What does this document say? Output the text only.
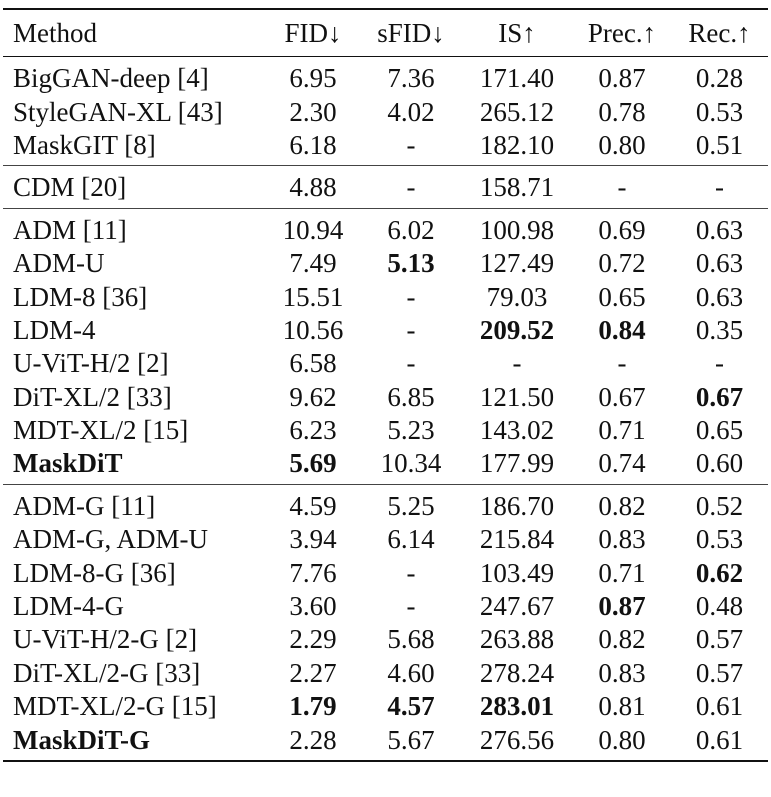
Method	FID↓	sFID↓	IS↑	Prec.↑	Rec.↑
BigGAN-deep [4]	6.95	7.36	171.40	0.87	0.28
StyleGAN-XL [43]	2.30	4.02	265.12	0.78	0.53
MaskGIT [8]	6.18	-	182.10	0.80	0.51
CDM [20]	4.88	-	158.71	-	-
ADM [11]	10.94	6.02	100.98	0.69	0.63
ADM-U	7.49	5.13	127.49	0.72	0.63
LDM-8 [36]	15.51	-	79.03	0.65	0.63
LDM-4	10.56	-	209.52	0.84	0.35
U-ViT-H/2 [2]	6.58	-	-	-	-
DiT-XL/2 [33]	9.62	6.85	121.50	0.67	0.67
MDT-XL/2 [15]	6.23	5.23	143.02	0.71	0.65
MaskDiT	5.69	10.34	177.99	0.74	0.60
ADM-G [11]	4.59	5.25	186.70	0.82	0.52
ADM-G, ADM-U	3.94	6.14	215.84	0.83	0.53
LDM-8-G [36]	7.76	-	103.49	0.71	0.62
LDM-4-G	3.60	-	247.67	0.87	0.48
U-ViT-H/2-G [2]	2.29	5.68	263.88	0.82	0.57
DiT-XL/2-G [33]	2.27	4.60	278.24	0.83	0.57
MDT-XL/2-G [15]	1.79	4.57	283.01	0.81	0.61
MaskDiT-G	2.28	5.67	276.56	0.80	0.61
